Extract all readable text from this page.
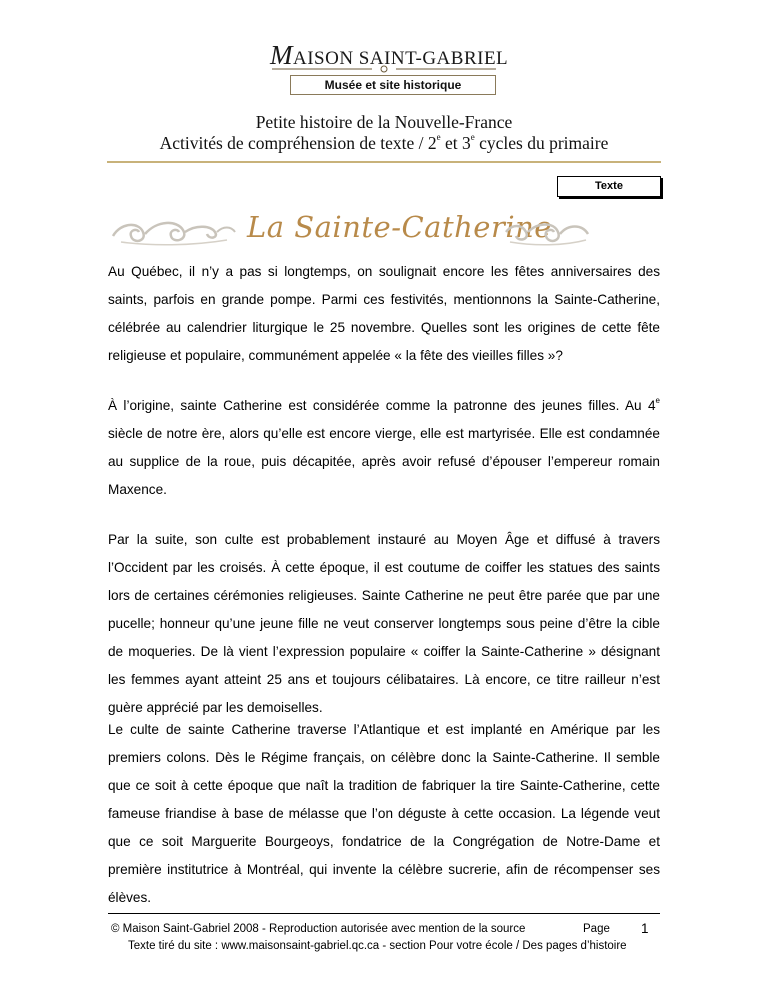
MAISON SAINT-GABRIEL
Musée et site historique
Petite histoire de la Nouvelle-France
Activités de compréhension de texte / 2e et 3e cycles du primaire
Texte
La Sainte-Catherine
Au Québec, il n’y a pas si longtemps, on soulignait encore les fêtes anniversaires des saints, parfois en grande pompe. Parmi ces festivités, mentionnons la Sainte-Catherine, célébrée au calendrier liturgique le 25 novembre. Quelles sont les origines de cette fête religieuse et populaire, communément appelée « la fête des vieilles filles »?
À l’origine, sainte Catherine est considérée comme la patronne des jeunes filles. Au 4e siècle de notre ère, alors qu’elle est encore vierge, elle est martyrisée. Elle est condamnée au supplice de la roue, puis décapitée, après avoir refusé d’épouser l’empereur romain Maxence.
Par la suite, son culte est probablement instauré au Moyen Âge et diffusé à travers l’Occident par les croisés. À cette époque, il est coutume de coiffer les statues des saints lors de certaines cérémonies religieuses. Sainte Catherine ne peut être parée que par une pucelle; honneur qu’une jeune fille ne veut conserver longtemps sous peine d’être la cible de moqueries. De là vient l’expression populaire « coiffer la Sainte-Catherine » désignant les femmes ayant atteint 25 ans et toujours célibataires. Là encore, ce titre railleur n’est guère apprécié par les demoiselles.
Le culte de sainte Catherine traverse l’Atlantique et est implanté en Amérique par les premiers colons. Dès le Régime français, on célèbre donc la Sainte-Catherine. Il semble que ce soit à cette époque que naît la tradition de fabriquer la tire Sainte-Catherine, cette fameuse friandise à base de mélasse que l’on déguste à cette occasion. La légende veut que ce soit Marguerite Bourgeoys, fondatrice de la Congrégation de Notre-Dame et première institutrice à Montréal, qui invente la célèbre sucrerie, afin de récompenser ses élèves.
© Maison Saint-Gabriel 2008 - Reproduction autorisée avec mention de la source	Page 1
Texte tiré du site : www.maisonsaint-gabriel.qc.ca - section Pour votre école / Des pages d’histoire
